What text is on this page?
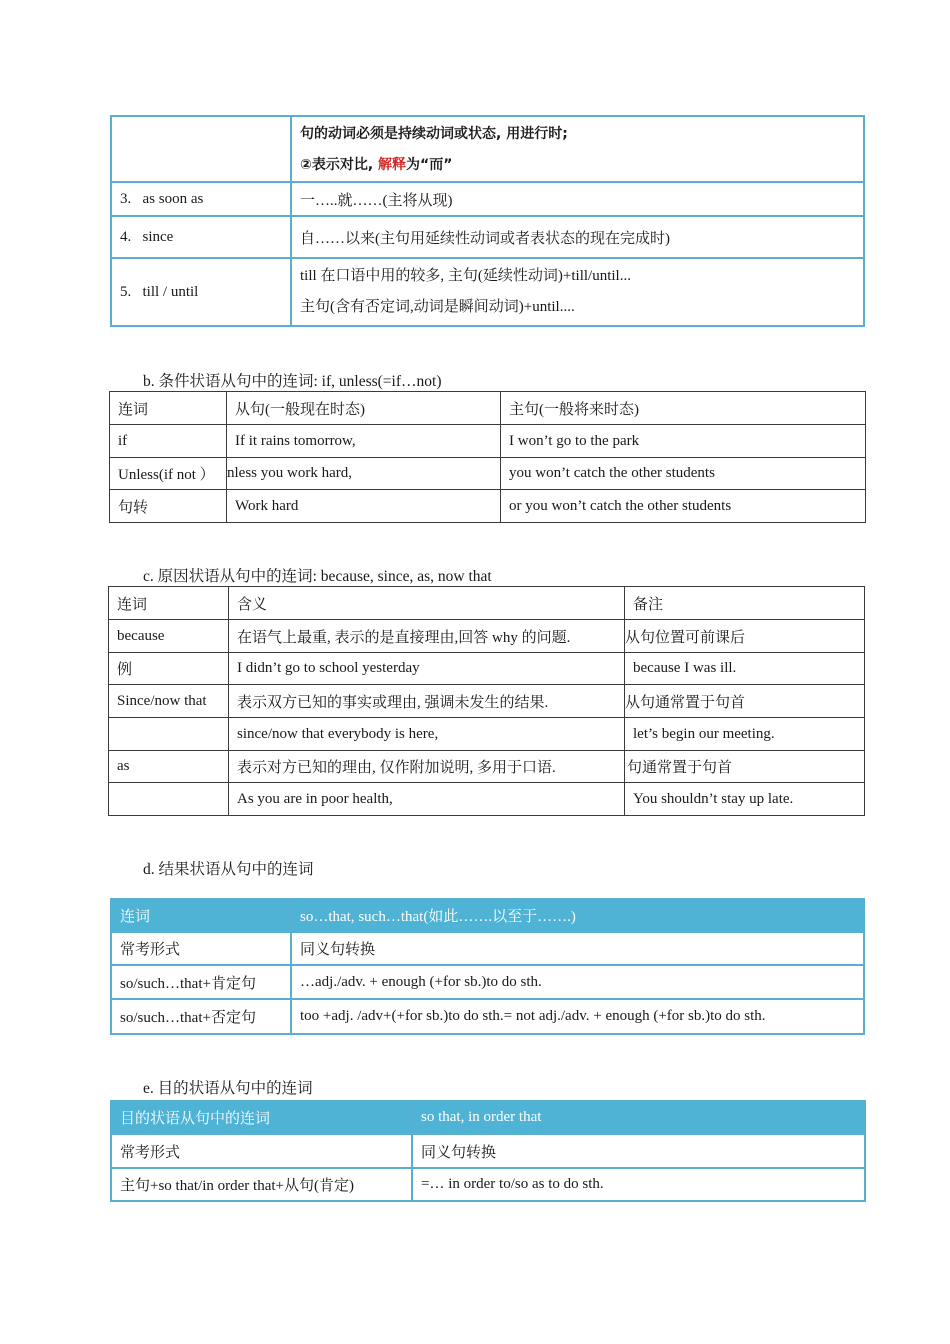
	句的动词必须是持续动词或状态, 用进行时;
②表示对比, 解释为“而”

3. as soon as	一…..就……(主将从现)
4. since	自……以来(主句用延续性动词或者表状态的现在完成时)
5. till / until	till 在口语中用的较多, 主句(延续性动词)+till/until...
主句(含有否定词,动词是瞬间动词)+until....
b. 条件状语从句中的连词: if, unless(=if…not)
连词	从句(一般现在时态)	主句(一般将来时态)
if	If it rains tomorrow,	I won’t go to the park
Unless(if not ）	nless you work hard,	you won’t catch the other students
句转	Work hard	or you won’t catch the other students
c. 原因状语从句中的连词: because, since, as, now that
连词	含义	备注
because	在语气上最重, 表示的是直接理由,回答 why 的问题.	从句位置可前课后
例	I didn’t go to school yesterday	because I was ill.
Since/now that	表示双方已知的事实或理由, 强调未发生的结果.	从句通常置于句首
	since/now that everybody is here,	let’s begin our meeting.
as	表示对方已知的理由, 仅作附加说明, 多用于口语.	句通常置于句首
	As you are in poor health,	You shouldn’t stay up late.
d. 结果状语从句中的连词
连词	so…that, such…that(如此…….以至于…….)
常考形式	同义句转换
so/such…that+肯定句	…adj./adv. + enough (+for sb.)to do sth.
so/such…that+否定句	too +adj. /adv+(+for sb.)to do sth.= not adj./adv. + enough (+for sb.)to do sth.
e. 目的状语从句中的连词
目的状语从句中的连词	so that, in order that
常考形式	同义句转换
主句+so that/in order that+从句(肯定)	=… in order to/so as to do sth.
